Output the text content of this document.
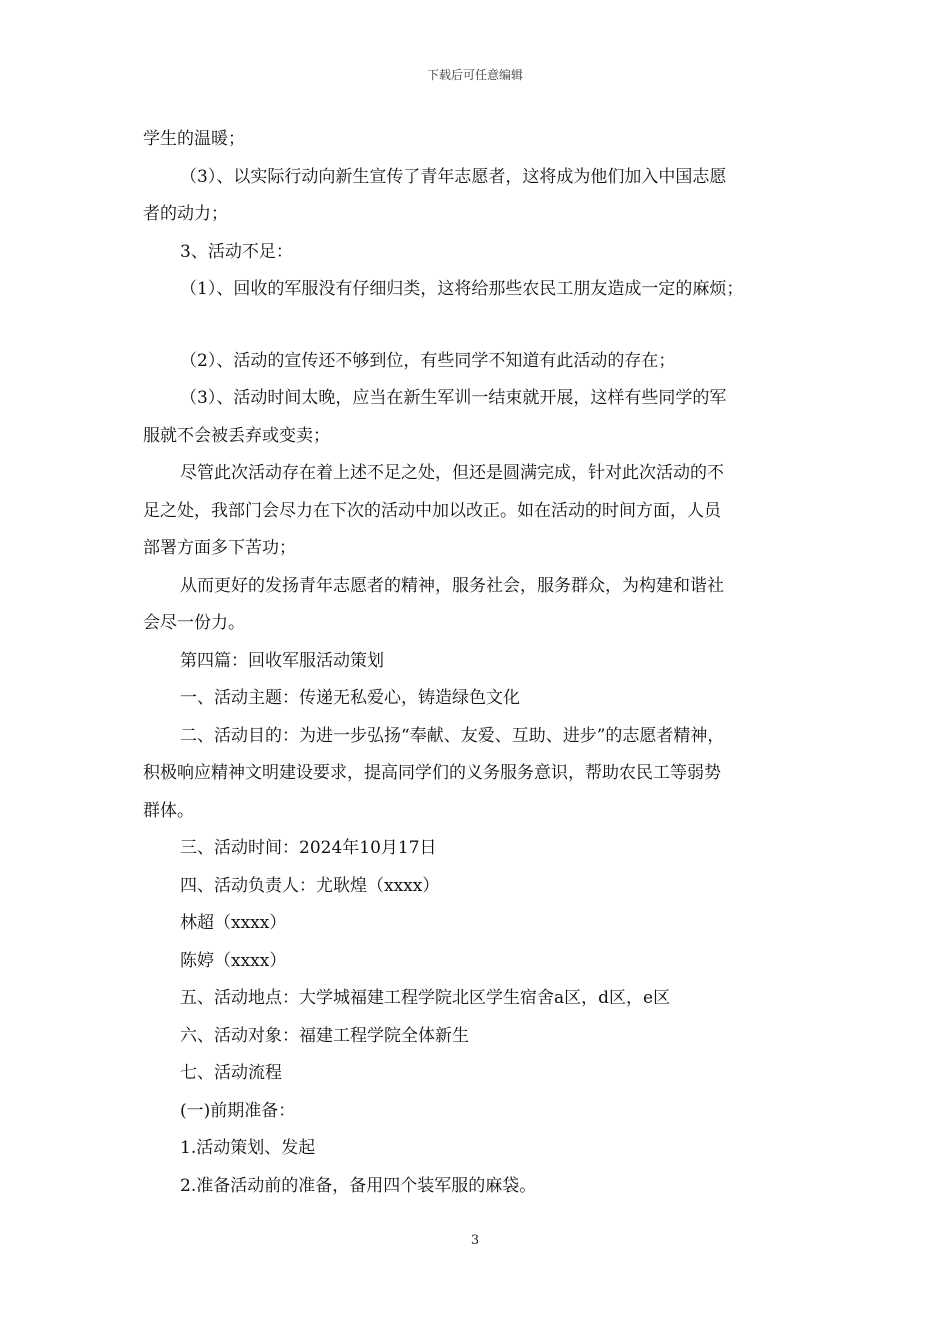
下载后可任意编辑
学生的温暖；
（3）、以实际行动向新生宣传了青年志愿者，这将成为他们加入中国志愿
者的动力；
3、活动不足：
（1）、回收的军服没有仔细归类，这将给那些农民工朋友造成一定的麻烦；
（2）、活动的宣传还不够到位，有些同学不知道有此活动的存在；
（3）、活动时间太晚，应当在新生军训一结束就开展，这样有些同学的军
服就不会被丢弃或变卖；
尽管此次活动存在着上述不足之处，但还是圆满完成，针对此次活动的不
足之处，我部门会尽力在下次的活动中加以改正。如在活动的时间方面，人员
部署方面多下苦功；
从而更好的发扬青年志愿者的精神，服务社会，服务群众，为构建和谐社
会尽一份力。
第四篇：回收军服活动策划
一、活动主题：传递无私爱心，铸造绿色文化
二、活动目的：为进一步弘扬“奉献、友爱、互助、进步”的志愿者精神，
积极响应精神文明建设要求，提高同学们的义务服务意识，帮助农民工等弱势
群体。
三、活动时间：2024年10月17日
四、活动负责人：尤耿煌（xxxx）
林超（xxxx）
陈婷（xxxx）
五、活动地点：大学城福建工程学院北区学生宿舍a区，d区，e区
六、活动对象：福建工程学院全体新生
七、活动流程
(一)前期准备：
1.活动策划、发起
2.准备活动前的准备，备用四个装军服的麻袋。
3
